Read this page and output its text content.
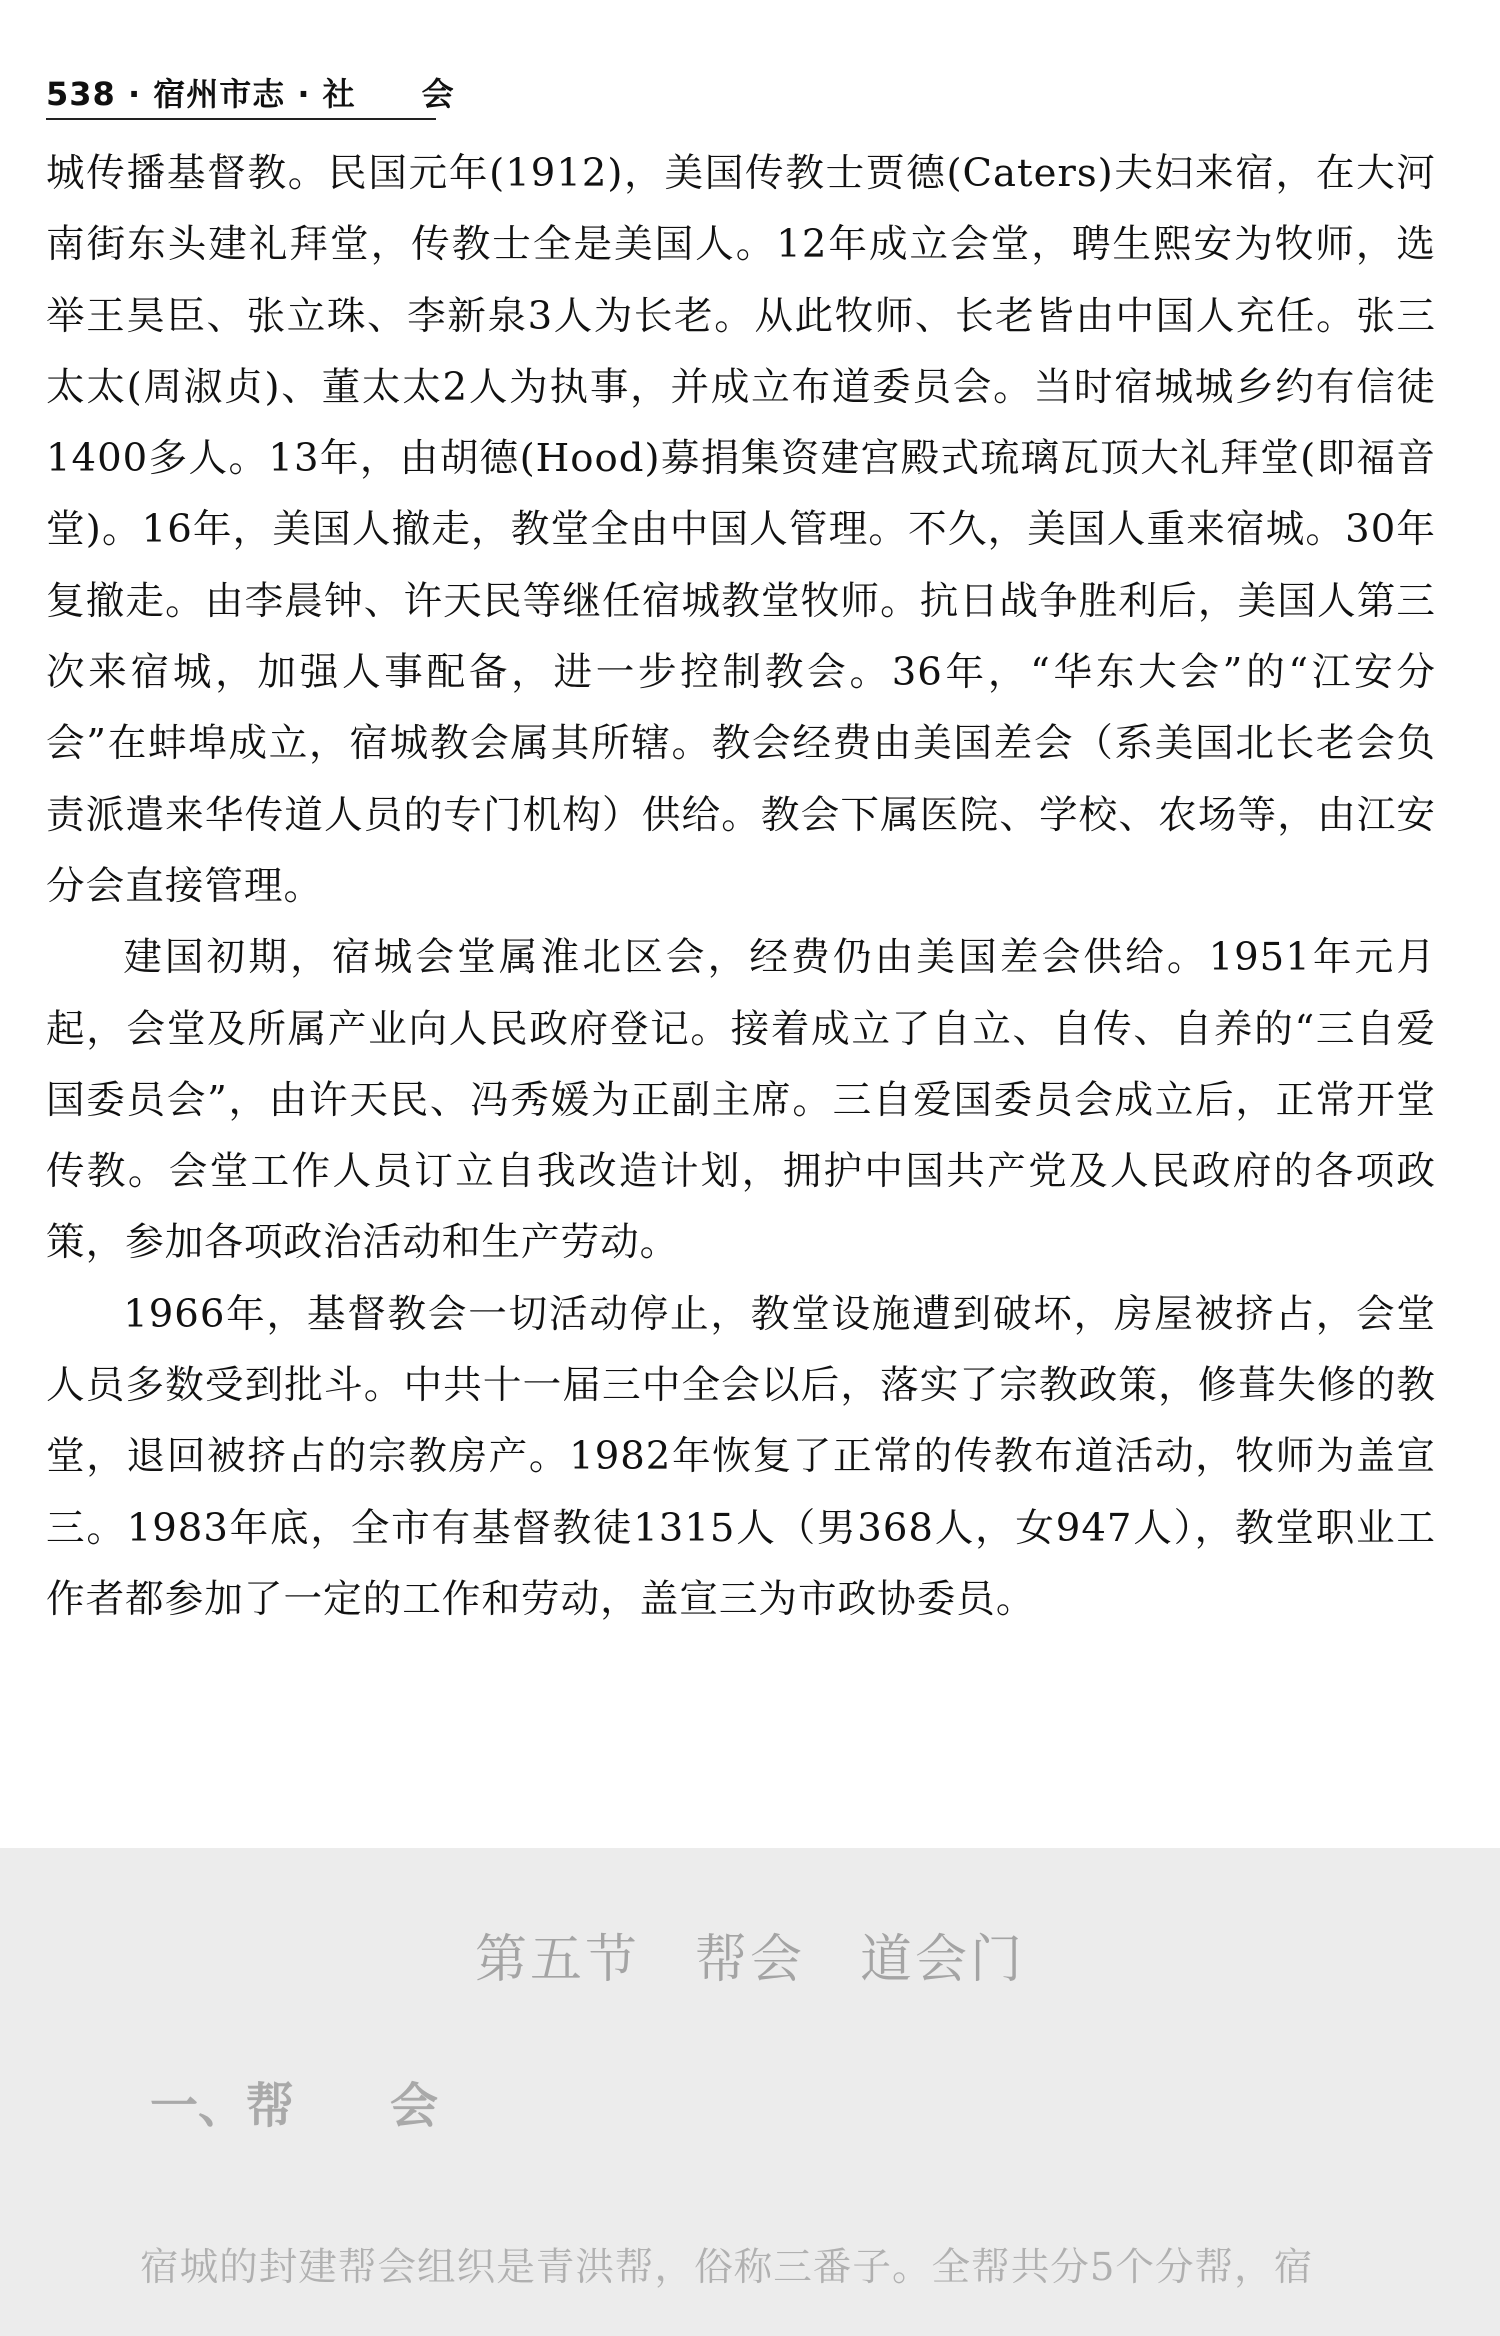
538 · 宿州市志 · 社　　会

城传播基督教。民国元年(1912)，美国传教士贾德(Caters)夫妇来宿，在大河南街东头建礼拜堂，传教士全是美国人。12年成立会堂，聘生熙安为牧师，选举王昊臣、张立珠、李新泉3人为长老。从此牧师、长老皆由中国人充任。张三太太(周淑贞)、董太太2人为执事，并成立布道委员会。当时宿城城乡约有信徒1400多人。13年，由胡德(Hood)募捐集资建宫殿式琉璃瓦顶大礼拜堂(即福音堂)。16年，美国人撤走，教堂全由中国人管理。不久，美国人重来宿城。30年复撤走。由李晨钟、许天民等继任宿城教堂牧师。抗日战争胜利后，美国人第三次来宿城，加强人事配备，进一步控制教会。36年，“华东大会”的“江安分会”在蚌埠成立，宿城教会属其所辖。教会经费由美国差会（系美国北长老会负责派遣来华传道人员的专门机构）供给。教会下属医院、学校、农场等，由江安分会直接管理。

建国初期，宿城会堂属淮北区会，经费仍由美国差会供给。1951年元月起，会堂及所属产业向人民政府登记。接着成立了自立、自传、自养的“三自爱国委员会”，由许天民、冯秀媛为正副主席。三自爱国委员会成立后，正常开堂传教。会堂工作人员订立自我改造计划，拥护中国共产党及人民政府的各项政策，参加各项政治活动和生产劳动。

1966年，基督教会一切活动停止，教堂设施遭到破坏，房屋被挤占，会堂人员多数受到批斗。中共十一届三中全会以后，落实了宗教政策，修葺失修的教堂，退回被挤占的宗教房产。1982年恢复了正常的传教布道活动，牧师为盖宣三。1983年底，全市有基督教徒1315人（男368人，女947人），教堂职业工作者都参加了一定的工作和劳动，盖宣三为市政协委员。

第五节　帮会　道会门
一、帮　　会
宿城的封建帮会组织是青洪帮，俗称三番子。全帮共分5个分帮，宿
